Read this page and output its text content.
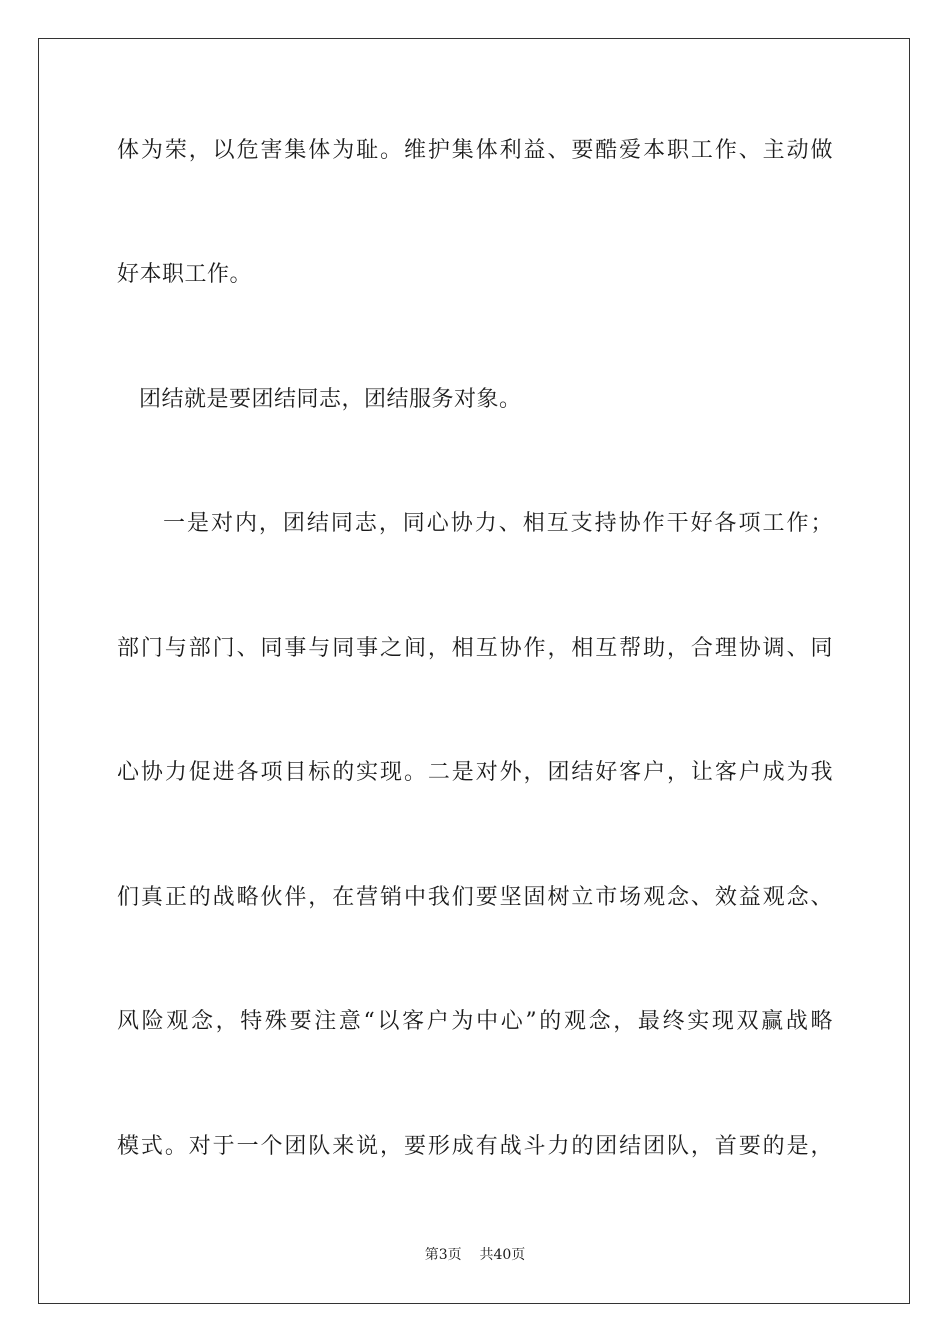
体为荣，以危害集体为耻。维护集体利益、要酷爱本职工作、主动做
好本职工作。
团结就是要团结同志，团结服务对象。
一是对内，团结同志，同心协力、相互支持协作干好各项工作；
部门与部门、同事与同事之间，相互协作，相互帮助，合理协调、同
心协力促进各项目标的实现。二是对外，团结好客户，让客户成为我
们真正的战略伙伴，在营销中我们要坚固树立市场观念、效益观念、
风险观念，特殊要注意“以客户为中心”的观念，最终实现双赢战略
模式。对于一个团队来说，要形成有战斗力的团结团队，首要的是，
第3页 共40页
